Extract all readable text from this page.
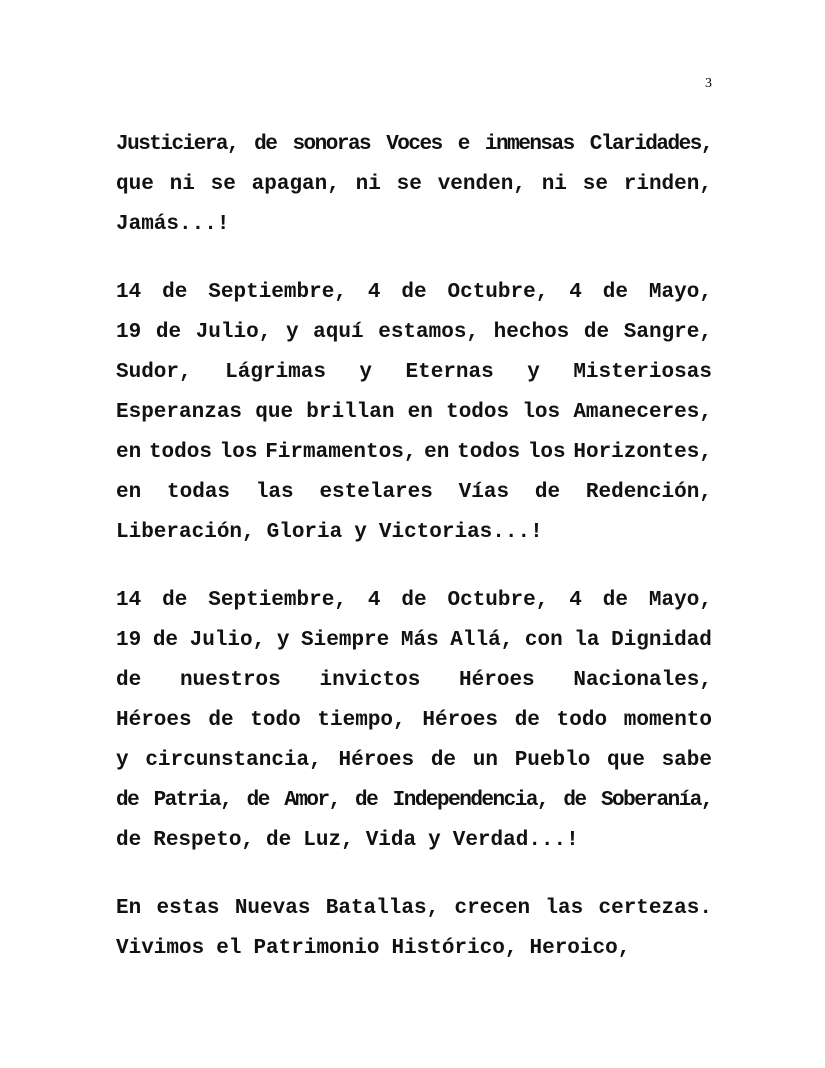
3
Justiciera, de sonoras Voces e inmensas Claridades,
que ni se apagan, ni se venden, ni se rinden,
Jamás...!
14 de Septiembre, 4 de Octubre, 4 de Mayo,
19 de Julio, y aquí estamos, hechos de Sangre,
Sudor, Lágrimas y Eternas y Misteriosas
Esperanzas que brillan en todos los Amaneceres,
en todos los Firmamentos, en todos los Horizontes,
en todas las estelares Vías de Redención,
Liberación, Gloria y Victorias...!
14 de Septiembre, 4 de Octubre, 4 de Mayo,
19 de Julio, y Siempre Más Allá, con la Dignidad
de nuestros invictos Héroes Nacionales,
Héroes de todo tiempo, Héroes de todo momento
y circunstancia, Héroes de un Pueblo que sabe
de Patria, de Amor, de Independencia, de Soberanía,
de Respeto, de Luz, Vida y Verdad...!
En estas Nuevas Batallas, crecen las certezas.
Vivimos el Patrimonio Histórico, Heroico,
